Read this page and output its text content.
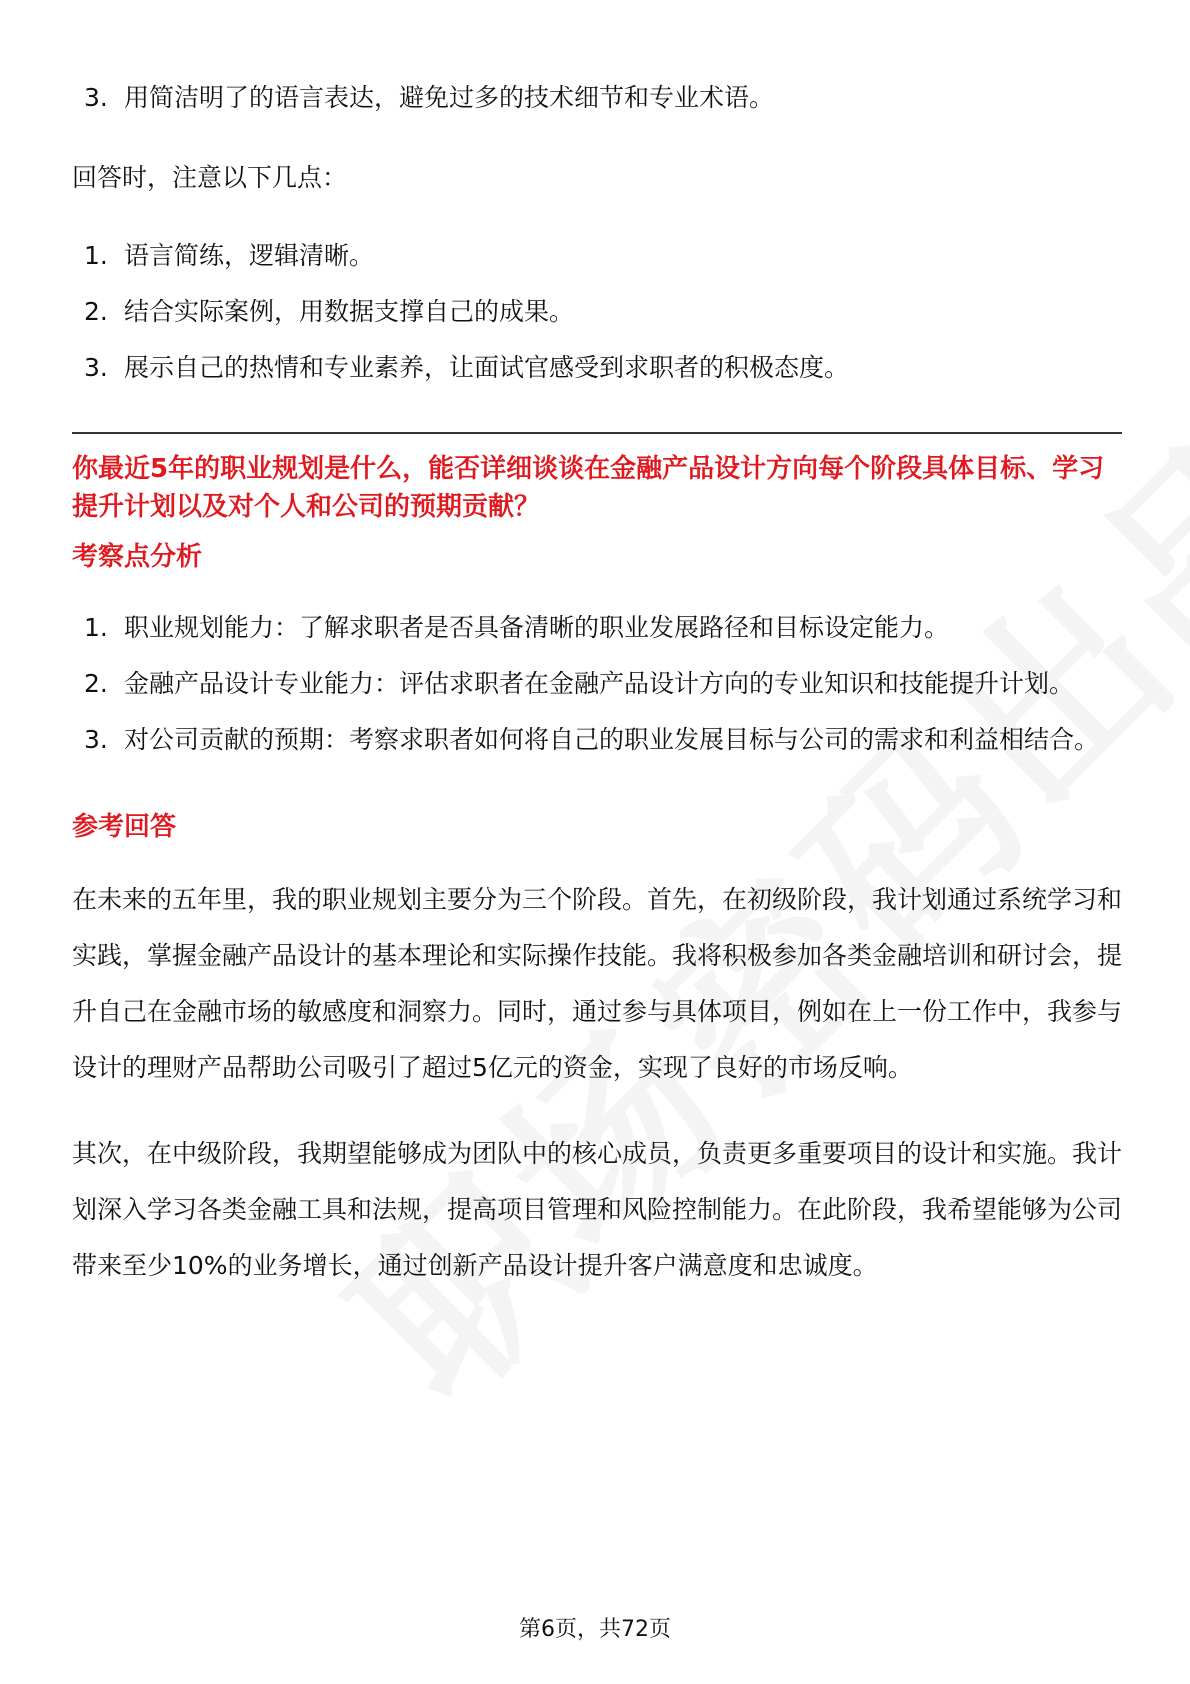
3. 用简洁明了的语言表达，避免过多的技术细节和专业术语。

回答时，注意以下几点：

1. 语言简练，逻辑清晰。
2. 结合实际案例，用数据支撑自己的成果。
3. 展示自己的热情和专业素养，让面试官感受到求职者的积极态度。

你最近5年的职业规划是什么，能否详细谈谈在金融产品设计方向每个阶段具体目标、学习提升计划以及对个人和公司的预期贡献？

考察点分析

1. 职业规划能力：了解求职者是否具备清晰的职业发展路径和目标设定能力。
2. 金融产品设计专业能力：评估求职者在金融产品设计方向的专业知识和技能提升计划。
3. 对公司贡献的预期：考察求职者如何将自己的职业发展目标与公司的需求和利益相结合。

参考回答

在未来的五年里，我的职业规划主要分为三个阶段。首先，在初级阶段，我计划通过系统学习和实践，掌握金融产品设计的基本理论和实际操作技能。我将积极参加各类金融培训和研讨会，提升自己在金融市场的敏感度和洞察力。同时，通过参与具体项目，例如在上一份工作中，我参与设计的理财产品帮助公司吸引了超过5亿元的资金，实现了良好的市场反响。

其次，在中级阶段，我期望能够成为团队中的核心成员，负责更多重要项目的设计和实施。我计划深入学习各类金融工具和法规，提高项目管理和风险控制能力。在此阶段，我希望能够为公司带来至少10%的业务增长，通过创新产品设计提升客户满意度和忠诚度。

第6页，共72页
